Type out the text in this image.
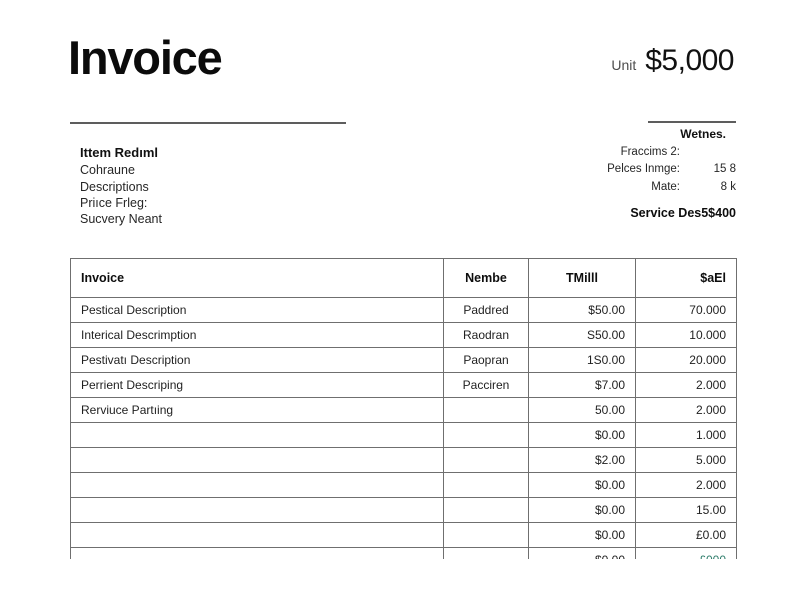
Invoice	Unit $5,000
Ittem Redıml
Cohraune
Descriptions
Priıce Frleg:
Sucvery Neant
Wetnes.
Fraccims 2:
Pelces Inmge:	15 8
Mate:	8 k
Service Des5$400
Invoice	Nembe	TMilll	$aEl
Pestical Description	Paddred	$50.00	70.000
Interical Descrimption	Raodran	S50.00	10.000
Pestivatı Description	Paopran	1S0.00	20.000
Perrient Descriping	Pacciren	$7.00	2.000
Rerviuce Partıing		50.00	2.000
		$0.00	1.000
		$2.00	5.000
		$0.00	2.000
		$0.00	15.00
		$0.00	£0.00
